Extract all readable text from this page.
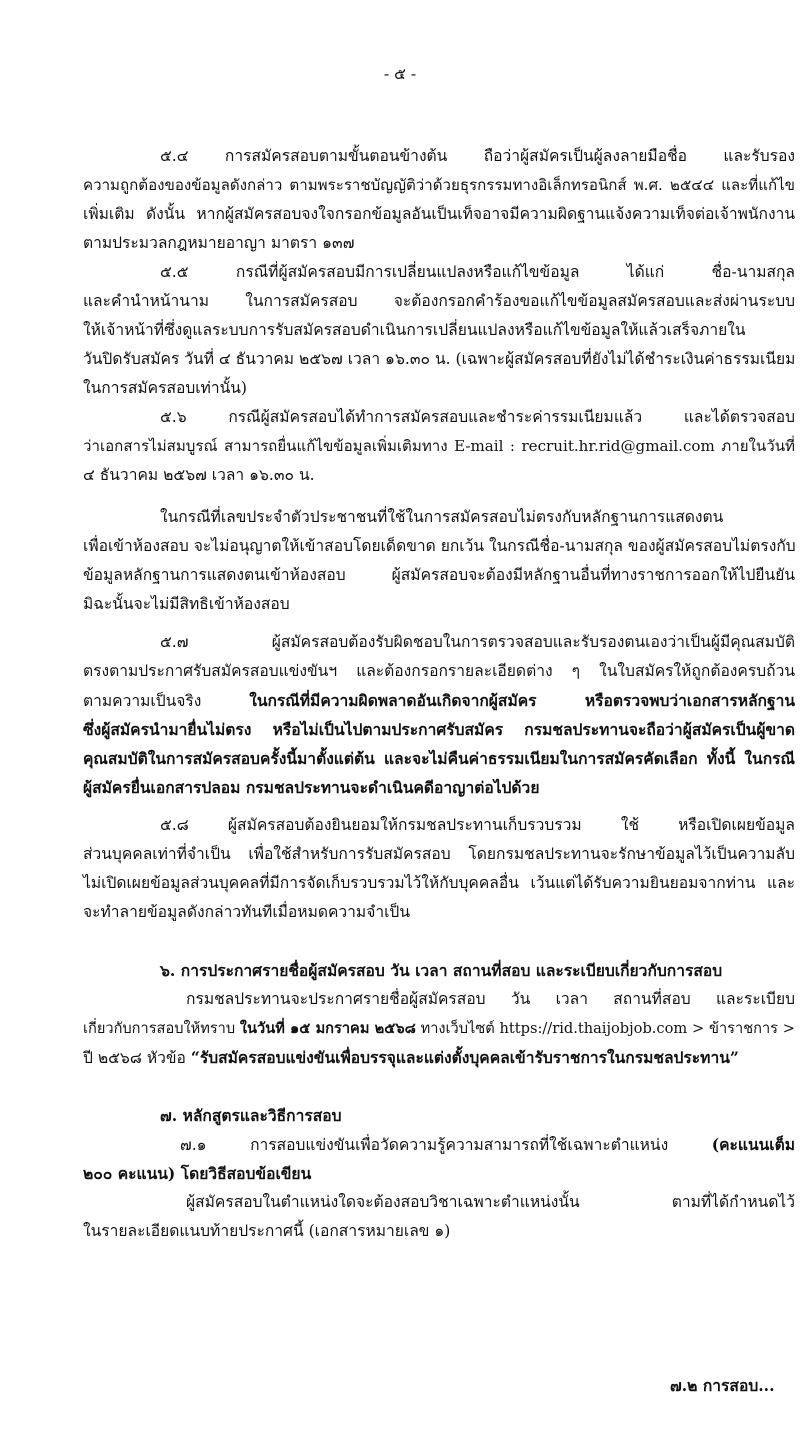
- ๕ -
๕.๔ การสมัครสอบตามขั้นตอนข้างต้น ถือว่าผู้สมัครเป็นผู้ลงลายมือชื่อ และรับรอง
ความถูกต้องของข้อมูลดังกล่าว ตามพระราชบัญญัติว่าด้วยธุรกรรมทางอิเล็กทรอนิกส์ พ.ศ. ๒๕๔๔ และที่แก้ไข
เพิ่มเติม ดังนั้น หากผู้สมัครสอบจงใจกรอกข้อมูลอันเป็นเท็จอาจมีความผิดฐานแจ้งความเท็จต่อเจ้าพนักงาน
ตามประมวลกฎหมายอาญา มาตรา ๑๓๗
๕.๕ กรณีที่ผู้สมัครสอบมีการเปลี่ยนแปลงหรือแก้ไขข้อมูล ได้แก่ ชื่อ-นามสกุล
และคำนำหน้านาม ในการสมัครสอบ จะต้องกรอกคำร้องขอแก้ไขข้อมูลสมัครสอบและส่งผ่านระบบ
ให้เจ้าหน้าที่ซึ่งดูแลระบบการรับสมัครสอบดำเนินการเปลี่ยนแปลงหรือแก้ไขข้อมูลให้แล้วเสร็จภายใน
วันปิดรับสมัคร วันที่ ๔ ธันวาคม ๒๕๖๗ เวลา ๑๖.๓๐ น. (เฉพาะผู้สมัครสอบที่ยังไม่ได้ชำระเงินค่าธรรมเนียม
ในการสมัครสอบเท่านั้น)
๕.๖ กรณีผู้สมัครสอบได้ทำการสมัครสอบและชำระค่ารรมเนียมแล้ว และได้ตรวจสอบ
ว่าเอกสารไม่สมบูรณ์ สามารถยื่นแก้ไขข้อมูลเพิ่มเติมทาง E-mail : recruit.hr.rid@gmail.com ภายในวันที่
๔ ธันวาคม ๒๕๖๗ เวลา ๑๖.๓๐ น.
ในกรณีที่เลขประจำตัวประชาชนที่ใช้ในการสมัครสอบไม่ตรงกับหลักฐานการแสดงตน
เพื่อเข้าห้องสอบ จะไม่อนุญาตให้เข้าสอบโดยเด็ดขาด ยกเว้น ในกรณีชื่อ-นามสกุล ของผู้สมัครสอบไม่ตรงกับ
ข้อมูลหลักฐานการแสดงตนเข้าห้องสอบ ผู้สมัครสอบจะต้องมีหลักฐานอื่นที่ทางราชการออกให้ไปยืนยัน
มิฉะนั้นจะไม่มีสิทธิเข้าห้องสอบ
๕.๗ ผู้สมัครสอบต้องรับผิดชอบในการตรวจสอบและรับรองตนเองว่าเป็นผู้มีคุณสมบัติ
ตรงตามประกาศรับสมัครสอบแข่งขันฯ และต้องกรอกรายละเอียดต่าง ๆ ในใบสมัครให้ถูกต้องครบถ้วน
ตามความเป็นจริง ในกรณีที่มีความผิดพลาดอันเกิดจากผู้สมัคร หรือตรวจพบว่าเอกสารหลักฐาน
ซึ่งผู้สมัครนำมายื่นไม่ตรง หรือไม่เป็นไปตามประกาศรับสมัคร กรมชลประทานจะถือว่าผู้สมัครเป็นผู้ขาด
คุณสมบัติในการสมัครสอบครั้งนี้มาตั้งแต่ต้น และจะไม่คืนค่าธรรมเนียมในการสมัครคัดเลือก ทั้งนี้ ในกรณี
ผู้สมัครยื่นเอกสารปลอม กรมชลประทานจะดำเนินคดีอาญาต่อไปด้วย
๕.๘ ผู้สมัครสอบต้องยินยอมให้กรมชลประทานเก็บรวบรวม ใช้ หรือเปิดเผยข้อมูล
ส่วนบุคคลเท่าที่จำเป็น เพื่อใช้สำหรับการรับสมัครสอบ โดยกรมชลประทานจะรักษาข้อมูลไว้เป็นความลับ
ไม่เปิดเผยข้อมูลส่วนบุคคลที่มีการจัดเก็บรวบรวมไว้ให้กับบุคคลอื่น เว้นแต่ได้รับความยินยอมจากท่าน และ
จะทำลายข้อมูลดังกล่าวทันทีเมื่อหมดความจำเป็น
๖. การประกาศรายชื่อผู้สมัครสอบ วัน เวลา สถานที่สอบ และระเบียบเกี่ยวกับการสอบ
กรมชลประทานจะประกาศรายชื่อผู้สมัครสอบ วัน เวลา สถานที่สอบ และระเบียบ
เกี่ยวกับการสอบให้ทราบ ในวันที่ ๑๕ มกราคม ๒๕๖๘ ทางเว็บไซต์ https://rid.thaijobjob.com > ข้าราชการ >
ปี ๒๕๖๘ หัวข้อ “รับสมัครสอบแข่งขันเพื่อบรรจุและแต่งตั้งบุคคลเข้ารับราชการในกรมชลประทาน”
๗. หลักสูตรและวิธีการสอบ
๗.๑ การสอบแข่งขันเพื่อวัดความรู้ความสามารถที่ใช้เฉพาะตำแหน่ง (คะแนนเต็ม
๒๐๐ คะแนน) โดยวิธีสอบข้อเขียน
ผู้สมัครสอบในตำแหน่งใดจะต้องสอบวิชาเฉพาะตำแหน่งนั้น ตามที่ได้กำหนดไว้
ในรายละเอียดแนบท้ายประกาศนี้ (เอกสารหมายเลข ๑)
๗.๒ การสอบ...
